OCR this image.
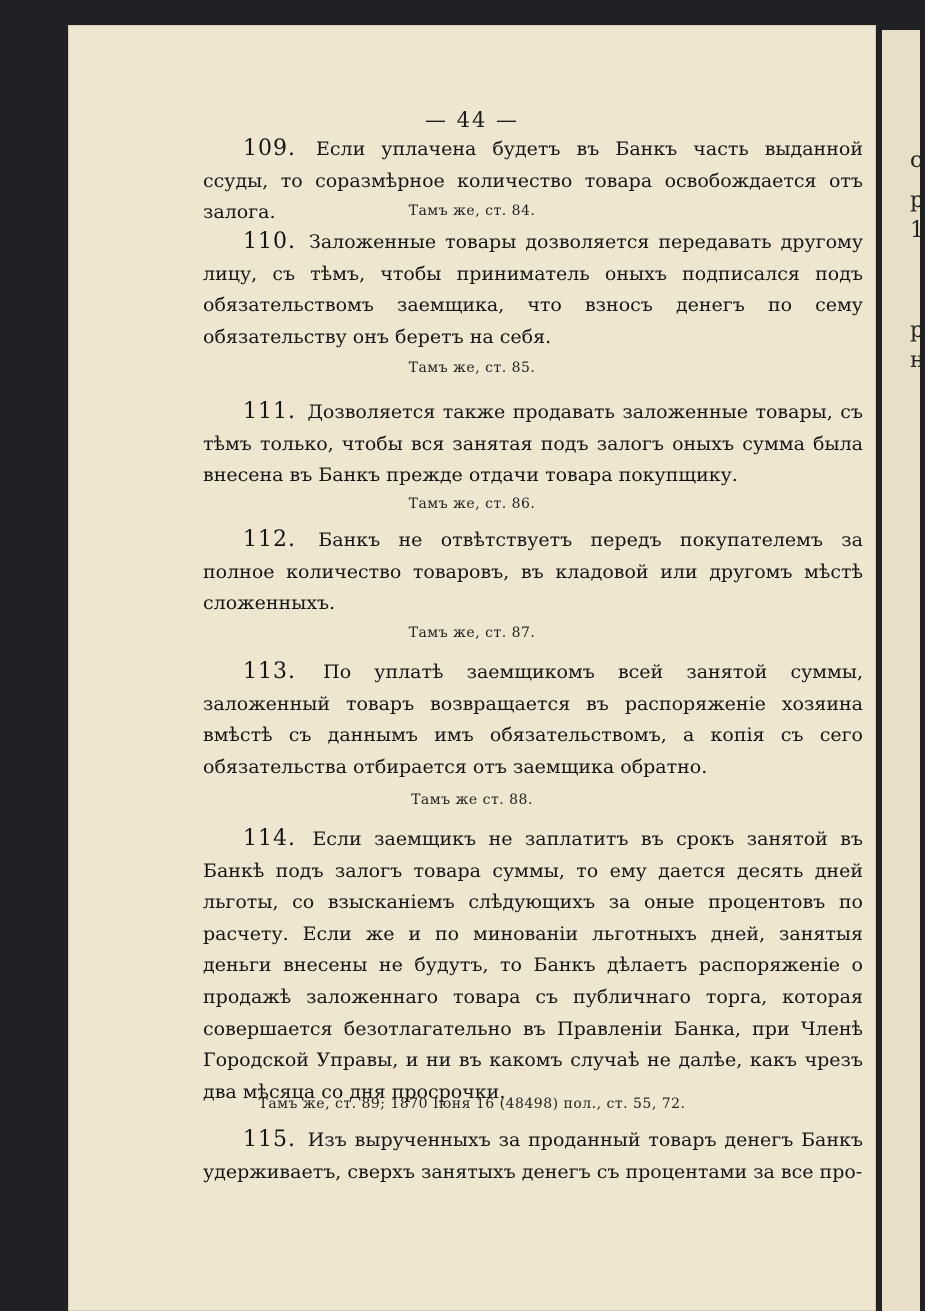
— 44 —
с
р
1
р
н
109. Если уплачена будетъ въ Банкъ часть выданной ссуды, то соразмѣрное количество товара освобождается отъ залога.	Тамъ же, ст. 84.
110. Заложенные товары дозволяется передавать другому лицу, съ тѣмъ, чтобы приниматель оныхъ подписался подъ обязательствомъ заемщика, что взносъ денегъ по сему обязательству онъ беретъ на себя.
Тамъ же, ст. 85.
111. Дозволяется также продавать заложенные товары, съ тѣмъ только, чтобы вся занятая подъ залогъ оныхъ сумма была внесена въ Банкъ прежде отдачи товара покупщику.
Тамъ же, ст. 86.
112. Банкъ не отвѣтствуетъ передъ покупателемъ за полное количество товаровъ, въ кладовой или другомъ мѣстѣ сложенныхъ.
Тамъ же, ст. 87.
113. По уплатѣ заемщикомъ всей занятой суммы, заложенный товаръ возвращается въ распоряженіе хозяина вмѣстѣ съ даннымъ имъ обязательствомъ, а копія съ сего обязательства отбирается отъ заемщика обратно.
Тамъ же ст. 88.
114. Если заемщикъ не заплатитъ въ срокъ занятой въ Банкѣ подъ залогъ товара суммы, то ему дается десять дней льготы, со взысканіемъ слѣдующихъ за оные процентовъ по расчету. Если же и по минованіи льготныхъ дней, занятыя деньги внесены не будутъ, то Банкъ дѣлаетъ распоряженіе о продажѣ заложеннаго товара съ публичнаго торга, которая совершается безотлагательно въ Правленіи Банка, при Членѣ Городской Управы, и ни въ какомъ случаѣ не далѣе, какъ чрезъ два мѣсяца со дня просрочки.
Тамъ же, ст. 89; 1870 Іюня 16 (48498) пол., ст. 55, 72.
115. Изъ вырученныхъ за проданный товаръ денегъ Банкъ удерживаетъ, сверхъ занятыхъ денегъ съ процентами за все про-
